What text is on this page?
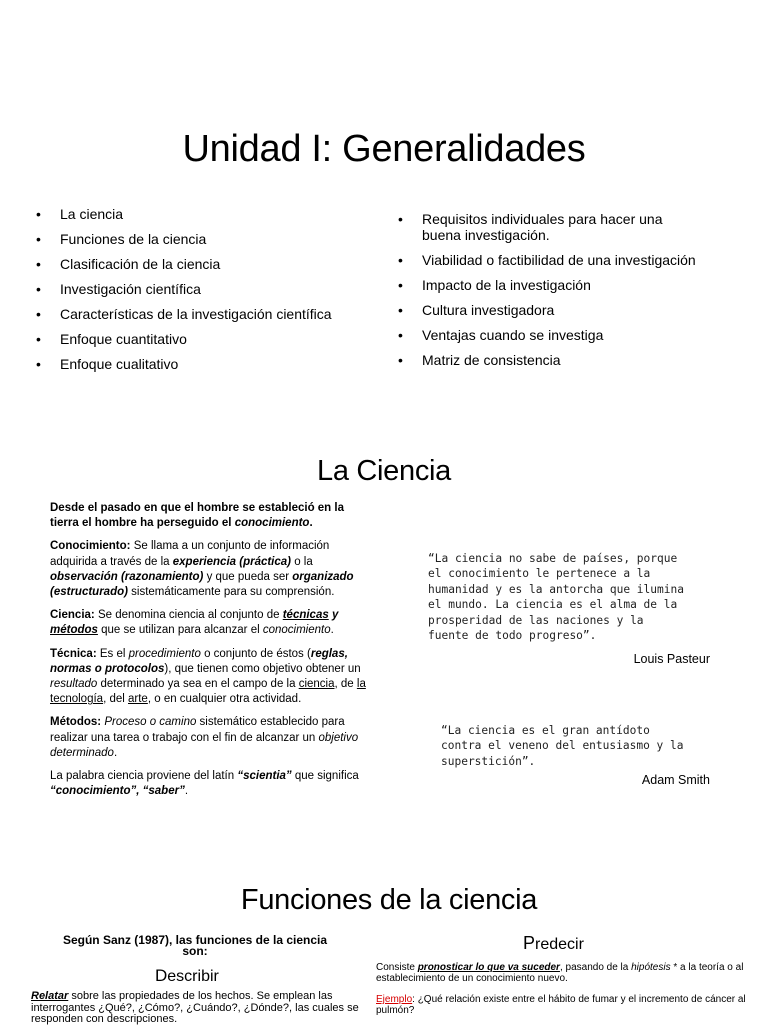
Unidad I: Generalidades
• La ciencia
• Funciones de la ciencia
• Clasificación de la ciencia
• Investigación científica
• Características de la investigación científica
• Enfoque cuantitativo
• Enfoque cualitativo
• Requisitos individuales para hacer una buena investigación.
• Viabilidad o factibilidad de una investigación
• Impacto de la investigación
• Cultura investigadora
• Ventajas cuando se investiga
• Matriz de consistencia
La Ciencia

Desde el pasado en que el hombre se estableció en la tierra el hombre ha perseguido el conocimiento.

Conocimiento: Se llama a un conjunto de información adquirida a través de la experiencia (práctica) o la observación (razonamiento) y que pueda ser organizado (estructurado) sistemáticamente para su comprensión.

Ciencia: Se denomina ciencia al conjunto de técnicas y métodos que se utilizan para alcanzar el conocimiento.

Técnica: Es el procedimiento o conjunto de éstos (reglas, normas o protocolos), que tienen como objetivo obtener un resultado determinado ya sea en el campo de la ciencia, de la tecnología, del arte, o en cualquier otra actividad.

Métodos: Proceso o camino sistemático establecido para realizar una tarea o trabajo con el fin de alcanzar un objetivo determinado.

La palabra ciencia proviene del latín “scientia” que significa “conocimiento”, “saber”.

“La ciencia no sabe de países, porque
el conocimiento le pertenece a la
humanidad y es la antorcha que ilumina
el mundo. La ciencia es el alma de la
prosperidad de las naciones y la
fuente de todo progreso”.
Louis Pasteur
“La ciencia es el gran antídoto
contra el veneno del entusiasmo y la
superstición”.
Adam Smith
Funciones de la ciencia
Según Sanz (1987), las funciones de la ciencia son:
Describir
Relatar sobre las propiedades de los hechos. Se emplean las interrogantes ¿Qué?, ¿Cómo?, ¿Cuándo?, ¿Dónde?, las cuales se responden con descripciones.
Predecir
Consiste pronosticar lo que va suceder, pasando de la hipótesis * a la teoría o al establecimiento de un conocimiento nuevo.
Ejemplo: ¿Qué relación existe entre el hábito de fumar y el incremento de cáncer al pulmón?
